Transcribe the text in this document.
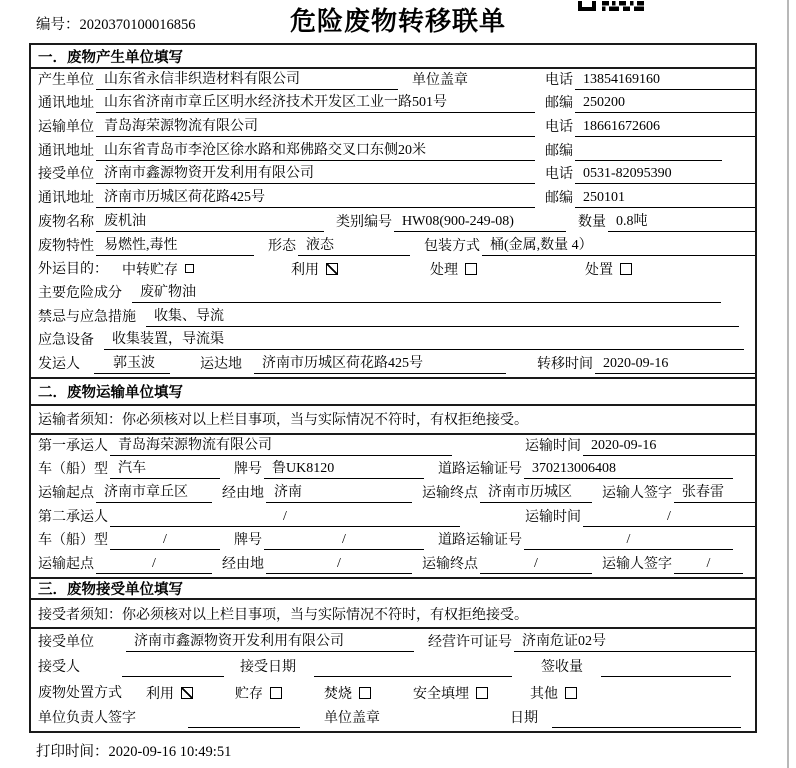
编号：2020370100016856	危险废物转移联单
一．废物产生单位填写
产生单位 山东省永信非织造材料有限公司	单位盖章	电话 13854169160
通讯地址 山东省济南市章丘区明水经济技术开发区工业一路501号	邮编 250200
运输单位 青岛海荣源物流有限公司	电话 18661672606
通讯地址 山东省青岛市李沧区徐水路和郑佛路交叉口东侧20米	邮编
接受单位 济南市鑫源物资开发利用有限公司	电话 0531-82095390
通讯地址 济南市历城区荷花路425号	邮编 250101
废物名称 废机油	类别编号 HW08(900-249-08)	数量 0.8吨
废物特性 易燃性,毒性	形态 液态	包装方式 桶(金属,数量 4）
外运目的： 中转贮存	利用	处理	处置
主要危险成分	废矿物油
禁忌与应急措施	收集、导流
应急设备	收集装置，导流渠
发运人	郭玉波	运达地	济南市历城区荷花路425号	转移时间 2020-09-16
二．废物运输单位填写
运输者须知：你必须核对以上栏目事项，当与实际情况不符时，有权拒绝接受。
第一承运人 青岛海荣源物流有限公司	运输时间 2020-09-16
车（船）型 汽车	牌号 鲁UK8120	道路运输证号 370213006408
运输起点 济南市章丘区	经由地 济南	运输终点 济南市历城区	运输人签字 张春雷
第二承运人	/	运输时间	/
车（船）型	/	牌号	/	道路运输证号	/
运输起点	/	经由地	/	运输终点	/	运输人签字	/
三．废物接受单位填写
接受者须知：你必须核对以上栏目事项，当与实际情况不符时，有权拒绝接受。
接受单位	济南市鑫源物资开发利用有限公司	经营许可证号 济南危证02号
接受人	接受日期	签收量
废物处置方式 利用	贮存	焚烧	安全填埋	其他
单位负责人签字	单位盖章	日期
打印时间：2020-09-16 10:49:51
